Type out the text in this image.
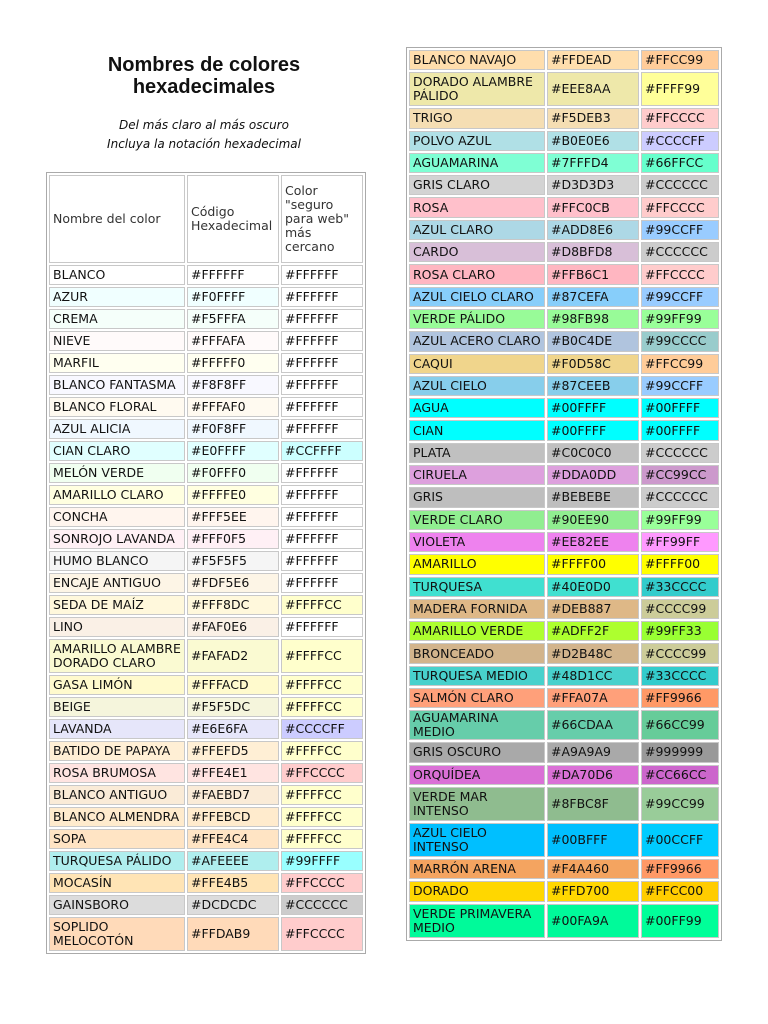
Nombres de colores hexadecimales
Del más claro al más oscuro
Incluya la notación hexadecimal
Nombre del color	Código Hexadecimal	Color "seguro para web" más cercano
BLANCO	#FFFFFF	#FFFFFF
AZUR	#F0FFFF	#FFFFFF
CREMA	#F5FFFA	#FFFFFF
NIEVE	#FFFAFA	#FFFFFF
MARFIL	#FFFFF0	#FFFFFF
BLANCO FANTASMA	#F8F8FF	#FFFFFF
BLANCO FLORAL	#FFFAF0	#FFFFFF
AZUL ALICIA	#F0F8FF	#FFFFFF
CIAN CLARO	#E0FFFF	#CCFFFF
MELÓN VERDE	#F0FFF0	#FFFFFF
AMARILLO CLARO	#FFFFE0	#FFFFFF
CONCHA	#FFF5EE	#FFFFFF
SONROJO LAVANDA	#FFF0F5	#FFFFFF
HUMO BLANCO	#F5F5F5	#FFFFFF
ENCAJE ANTIGUO	#FDF5E6	#FFFFFF
SEDA DE MAÍZ	#FFF8DC	#FFFFCC
LINO	#FAF0E6	#FFFFFF
AMARILLO ALAMBRE DORADO CLARO	#FAFAD2	#FFFFCC
GASA LIMÓN	#FFFACD	#FFFFCC
BEIGE	#F5F5DC	#FFFFCC
LAVANDA	#E6E6FA	#CCCCFF
BATIDO DE PAPAYA	#FFEFD5	#FFFFCC
ROSA BRUMOSA	#FFE4E1	#FFCCCC
BLANCO ANTIGUO	#FAEBD7	#FFFFCC
BLANCO ALMENDRA	#FFEBCD	#FFFFCC
SOPA	#FFE4C4	#FFFFCC
TURQUESA PÁLIDO	#AFEEEE	#99FFFF
MOCASÍN	#FFE4B5	#FFCCCC
GAINSBORO	#DCDCDC	#CCCCCC
SOPLIDO MELOCOTÓN	#FFDAB9	#FFCCCC
BLANCO NAVAJO	#FFDEAD	#FFCC99
DORADO ALAMBRE PÁLIDO	#EEE8AA	#FFFF99
TRIGO	#F5DEB3	#FFCCCC
POLVO AZUL	#B0E0E6	#CCCCFF
AGUAMARINA	#7FFFD4	#66FFCC
GRIS CLARO	#D3D3D3	#CCCCCC
ROSA	#FFC0CB	#FFCCCC
AZUL CLARO	#ADD8E6	#99CCFF
CARDO	#D8BFD8	#CCCCCC
ROSA CLARO	#FFB6C1	#FFCCCC
AZUL CIELO CLARO	#87CEFA	#99CCFF
VERDE PÁLIDO	#98FB98	#99FF99
AZUL ACERO CLARO	#B0C4DE	#99CCCC
CAQUI	#F0D58C	#FFCC99
AZUL CIELO	#87CEEB	#99CCFF
AGUA	#00FFFF	#00FFFF
CIAN	#00FFFF	#00FFFF
PLATA	#C0C0C0	#CCCCCC
CIRUELA	#DDA0DD	#CC99CC
GRIS	#BEBEBE	#CCCCCC
VERDE CLARO	#90EE90	#99FF99
VIOLETA	#EE82EE	#FF99FF
AMARILLO	#FFFF00	#FFFF00
TURQUESA	#40E0D0	#33CCCC
MADERA FORNIDA	#DEB887	#CCCC99
AMARILLO VERDE	#ADFF2F	#99FF33
BRONCEADO	#D2B48C	#CCCC99
TURQUESA MEDIO	#48D1CC	#33CCCC
SALMÓN CLARO	#FFA07A	#FF9966
AGUAMARINA MEDIO	#66CDAA	#66CC99
GRIS OSCURO	#A9A9A9	#999999
ORQUÍDEA	#DA70D6	#CC66CC
VERDE MAR INTENSO	#8FBC8F	#99CC99
AZUL CIELO INTENSO	#00BFFF	#00CCFF
MARRÓN ARENA	#F4A460	#FF9966
DORADO	#FFD700	#FFCC00
VERDE PRIMAVERA MEDIO	#00FA9A	#00FF99
